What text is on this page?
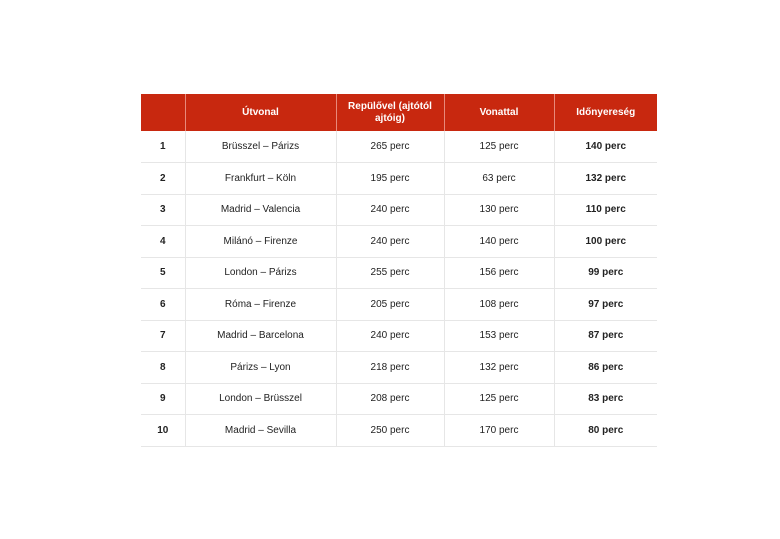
	Útvonal	Repülővel (ajtótól ajtóig)	Vonattal	Időnyereség
1	Brüsszel – Párizs	265 perc	125 perc	140 perc
2	Frankfurt – Köln	195 perc	63 perc	132 perc
3	Madrid – Valencia	240 perc	130 perc	110 perc
4	Milánó – Firenze	240 perc	140 perc	100 perc
5	London – Párizs	255 perc	156 perc	99 perc
6	Róma – Firenze	205 perc	108 perc	97 perc
7	Madrid – Barcelona	240 perc	153 perc	87 perc
8	Párizs – Lyon	218 perc	132 perc	86 perc
9	London – Brüsszel	208 perc	125 perc	83 perc
10	Madrid – Sevilla	250 perc	170 perc	80 perc
